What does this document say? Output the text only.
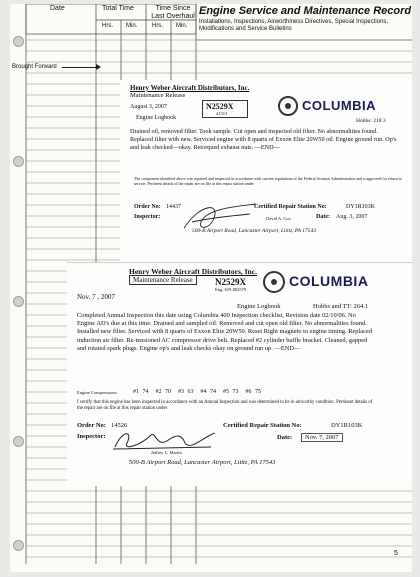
Date	Total Time	Time Since Last Overhaul
Hrs. Min. Hrs. Min.
Engine Service and Maintenance Record
Installations, Inspections, Airworthiness Directives, Special Inspections, Modifications and Service Bulletins
Brought Forward
Henry Weber Aircraft Distributors, Inc.
Maintenance Release
August 3, 2007	N2529X
41513
Engine Logbook
COLUMBIA
Hobbs: 218.3
Drained oil, removed filter. Took sample. Cut open and inspected old filter. No abnormalities found. Replaced filter with new. Serviced engine with 8 quarts of Exxon Elite 20W50 oil. Engine ground run. Op's and leak checked—okay. Retorqued exhaust nuts. —END—
The component identified above was repaired and inspected in accordance with current regulations of the Federal Aviation Administration and is approved for return to service. Pertinent details of the repair are on file at this repair station under
Order No: 14437	Certified Repair Station No:	DY1R103K
Inspector:	David A. Cox	Date: Aug. 3, 2007
500-B Airport Road, Lancaster Airport, Lititz, PA 17543
Henry Weber Aircraft Distributors, Inc.
Maintenance Release	N2529X
Eng. S/N 802579
COLUMBIA
Nov. 7 , 2007
Engine Logbook	Hobbs and TT: 264.1
Completed Annual Inspection this date using Columbia 400 Inspection checklist, Revision date 02/10/06. No Engine AD's due at this time. Drained and sampled oil. Removed and cut open old filter. No abnormalities found. Installed new filter. Serviced with 8 quarts of Exxon Elite 20W50. Reset Right magneto to engine timing. Replaced induction air filter. Re-tensioned AC compressor drive belt. Replaced #2 cylinder baffle bracket. Cleaned, gapped and rotated spark plugs. Engine op's and leak checks okay on ground run up. —END—
Engine Compressions:	#1 74 #2 70 #3 63 #4 74 #5 73 #6 75
I certify that this engine has been inspected in accordance with an Annual Inspection and was determined to be in airworthy condition. Pertinent details of the repair are on file at this repair station under
Order No: 14526	Certified Repair Station No:	DY1R103K
Inspector:	Date:	Nov. 7, 2007
Jeffrey L. Martin
500-B Airport Road, Lancaster Airport, Lititz, PA 17543
5
